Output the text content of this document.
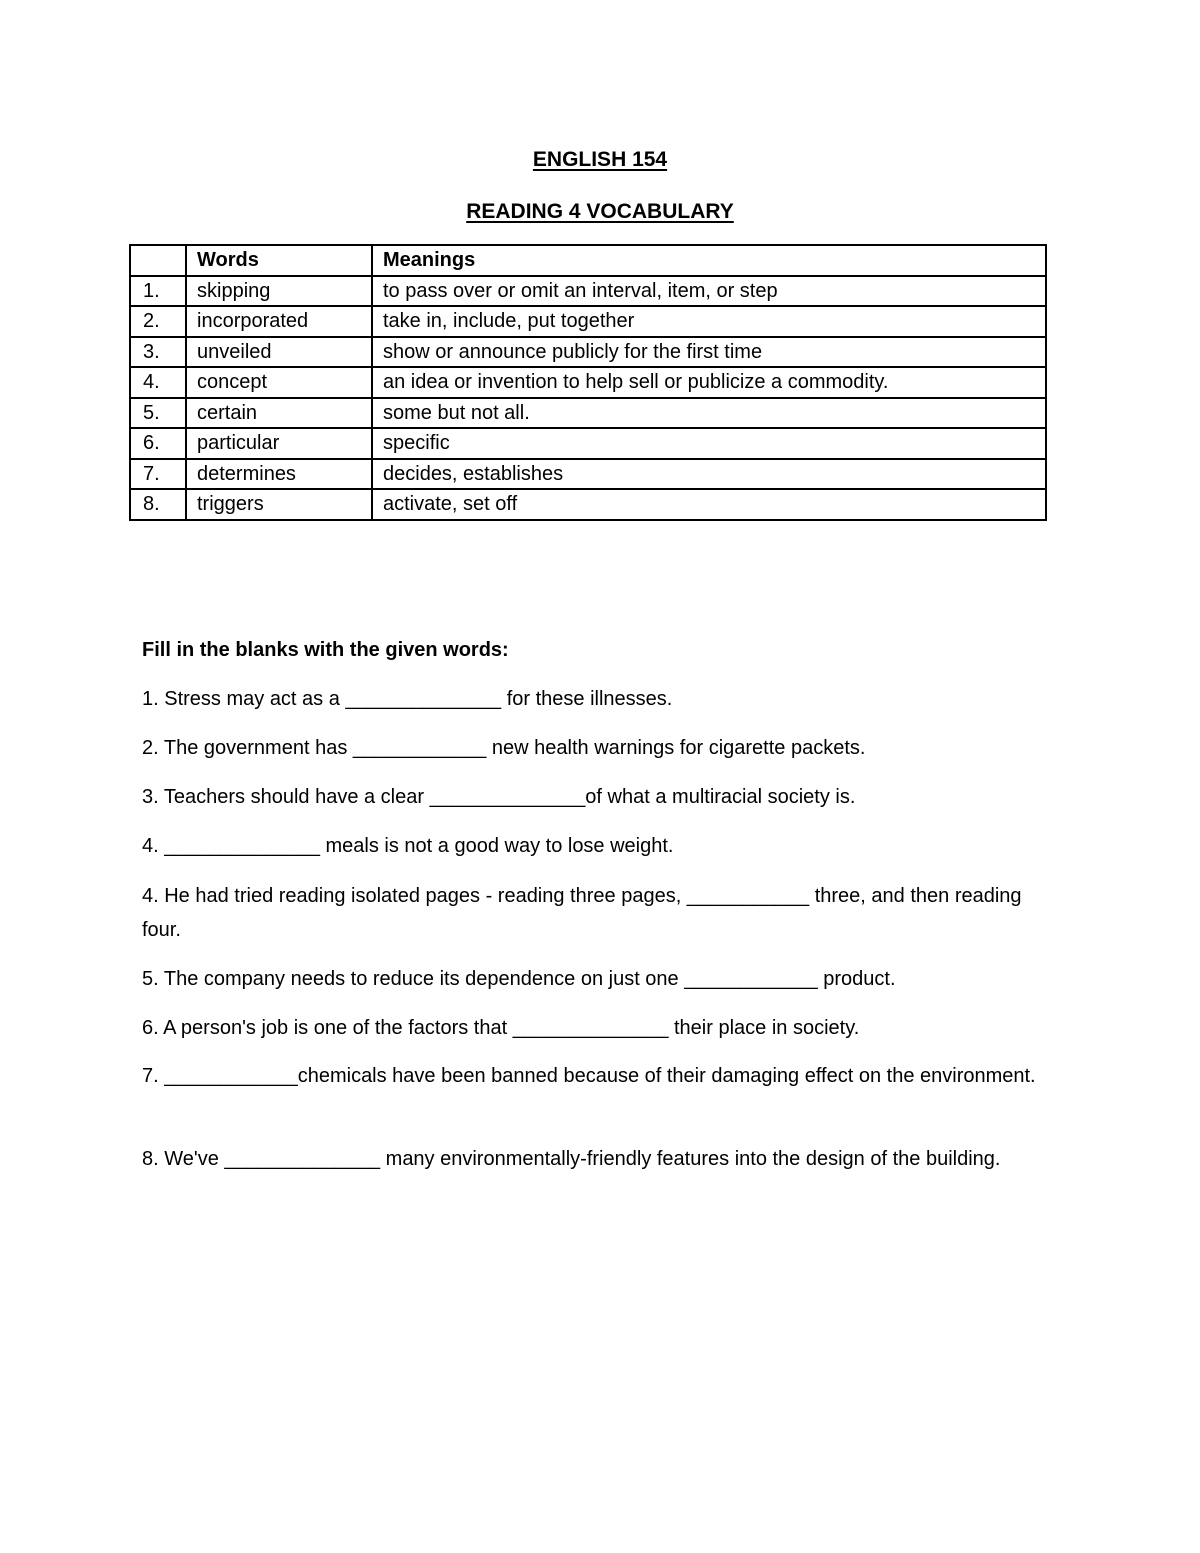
ENGLISH 154
READING 4 VOCABULARY
	Words	Meanings
1.	skipping	to pass over or omit an interval, item, or step
2.	incorporated	take in, include, put together
3.	unveiled	show or announce publicly for the first time
4.	concept	an idea or invention to help sell or publicize a commodity.
5.	certain	some but not all.
6.	particular	specific
7.	determines	decides, establishes
8.	triggers	activate, set off

Fill in the blanks with the given words:

1. Stress may act as a ______________ for these illnesses.

2. The government has ____________ new health warnings for cigarette packets.

3. Teachers should have a clear ______________of what a multiracial society is.

4. ______________ meals is not a good way to lose weight.

4. He had tried reading isolated pages - reading three pages, ___________ three, and then reading four.

5. The company needs to reduce its dependence on just one ____________ product.

6. A person's job is one of the factors that ______________ their place in society.

7. ____________chemicals have been banned because of their damaging effect on the environment.

8. We've ______________ many environmentally-friendly features into the design of the building.
